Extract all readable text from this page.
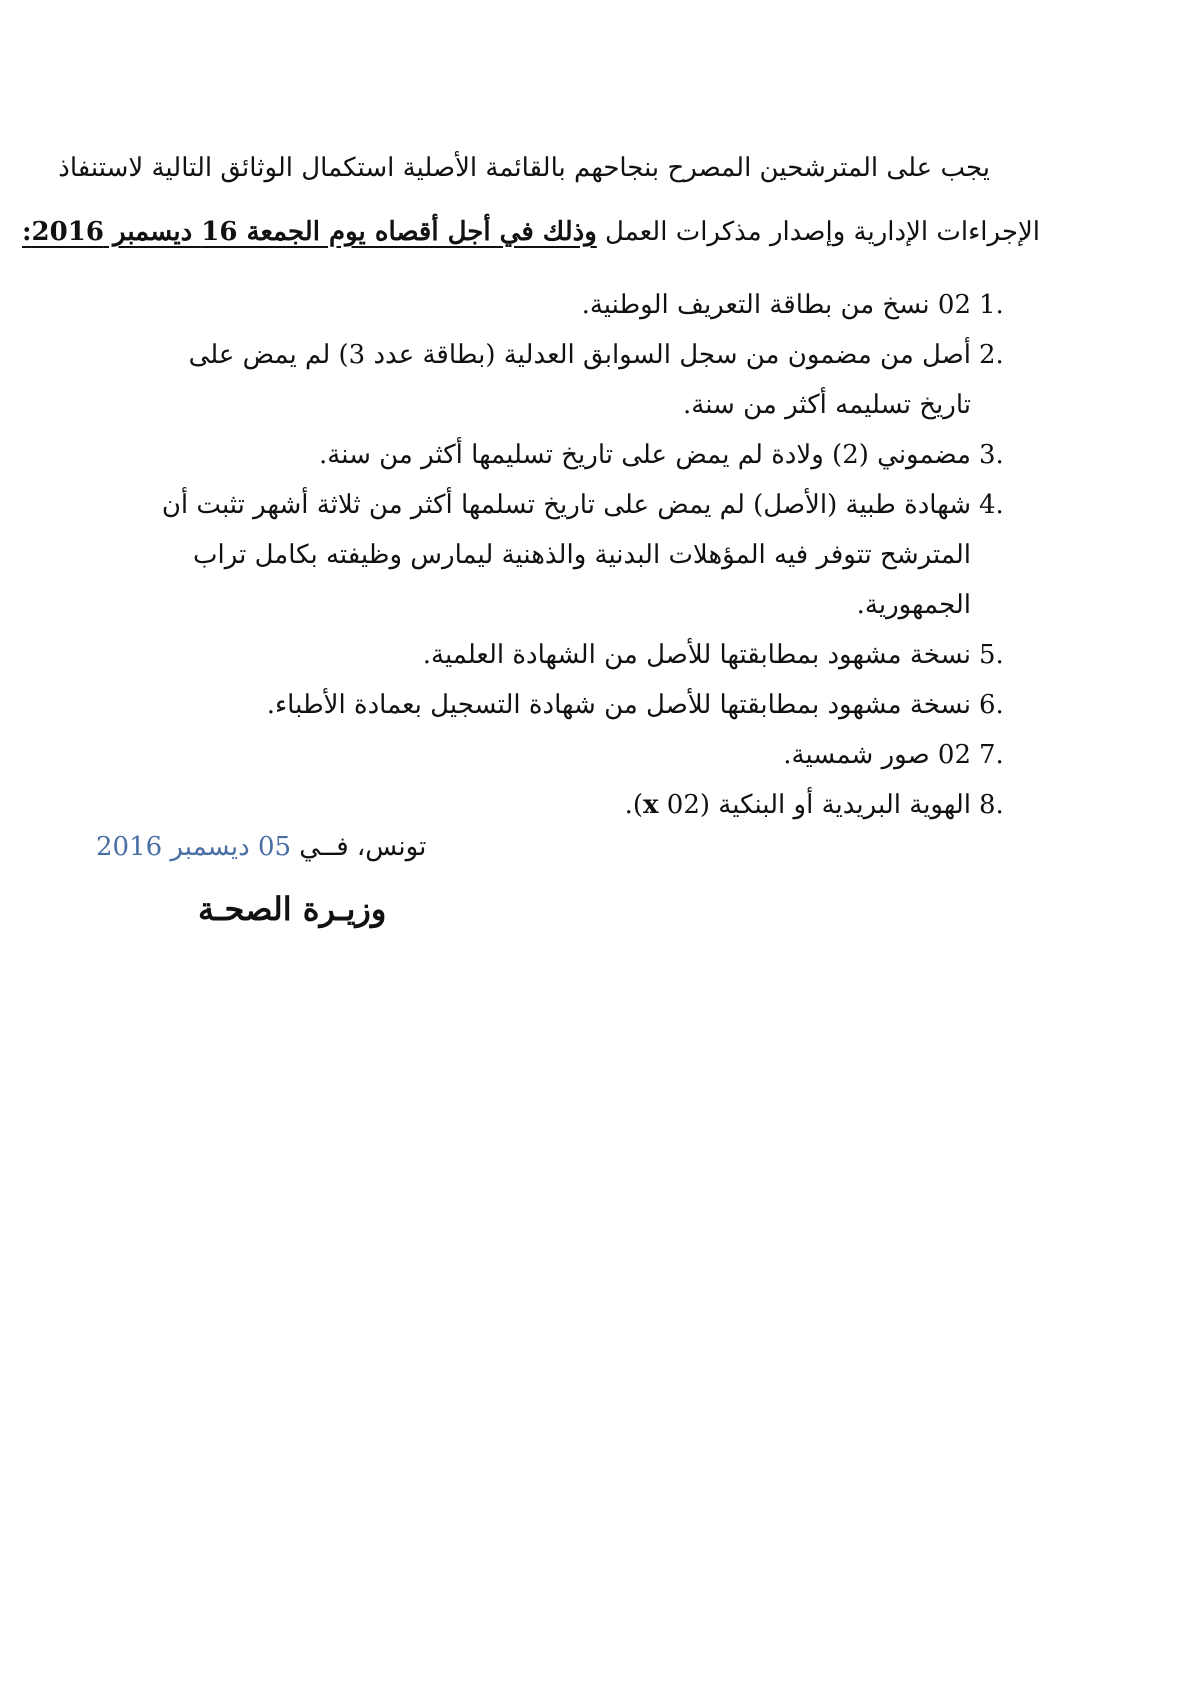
يجب على المترشحين المصرح بنجاحهم بالقائمة الأصلية استكمال الوثائق التالية لاستنفاذ
الإجراءات الإدارية وإصدار مذكرات العمل وذلك في أجل أقصاه يوم الجمعة 16 ديسمبر 2016:
1.
02 نسخ من بطاقة التعريف الوطنية.
2.
أصل من مضمون من سجل السوابق العدلية (بطاقة عدد 3) لم يمض على تاريخ تسليمه أكثر من سنة.
3.
مضموني (2) ولادة لم يمض على تاريخ تسليمها أكثر من سنة.
4.
شهادة طبية (الأصل) لم يمض على تاريخ تسلمها أكثر من ثلاثة أشهر تثبت أن المترشح تتوفر فيه المؤهلات البدنية والذهنية ليمارس وظيفته بكامل تراب الجمهورية.
5.
نسخة مشهود بمطابقتها للأصل من الشهادة العلمية.
6.
نسخة مشهود بمطابقتها للأصل من شهادة التسجيل بعمادة الأطباء.
7.
02 صور شمسية.
8.
الهوية البريدية أو البنكية (x 02).
تونس، فــي 05 ديسمبر 2016
وزيـرة الصحـة
